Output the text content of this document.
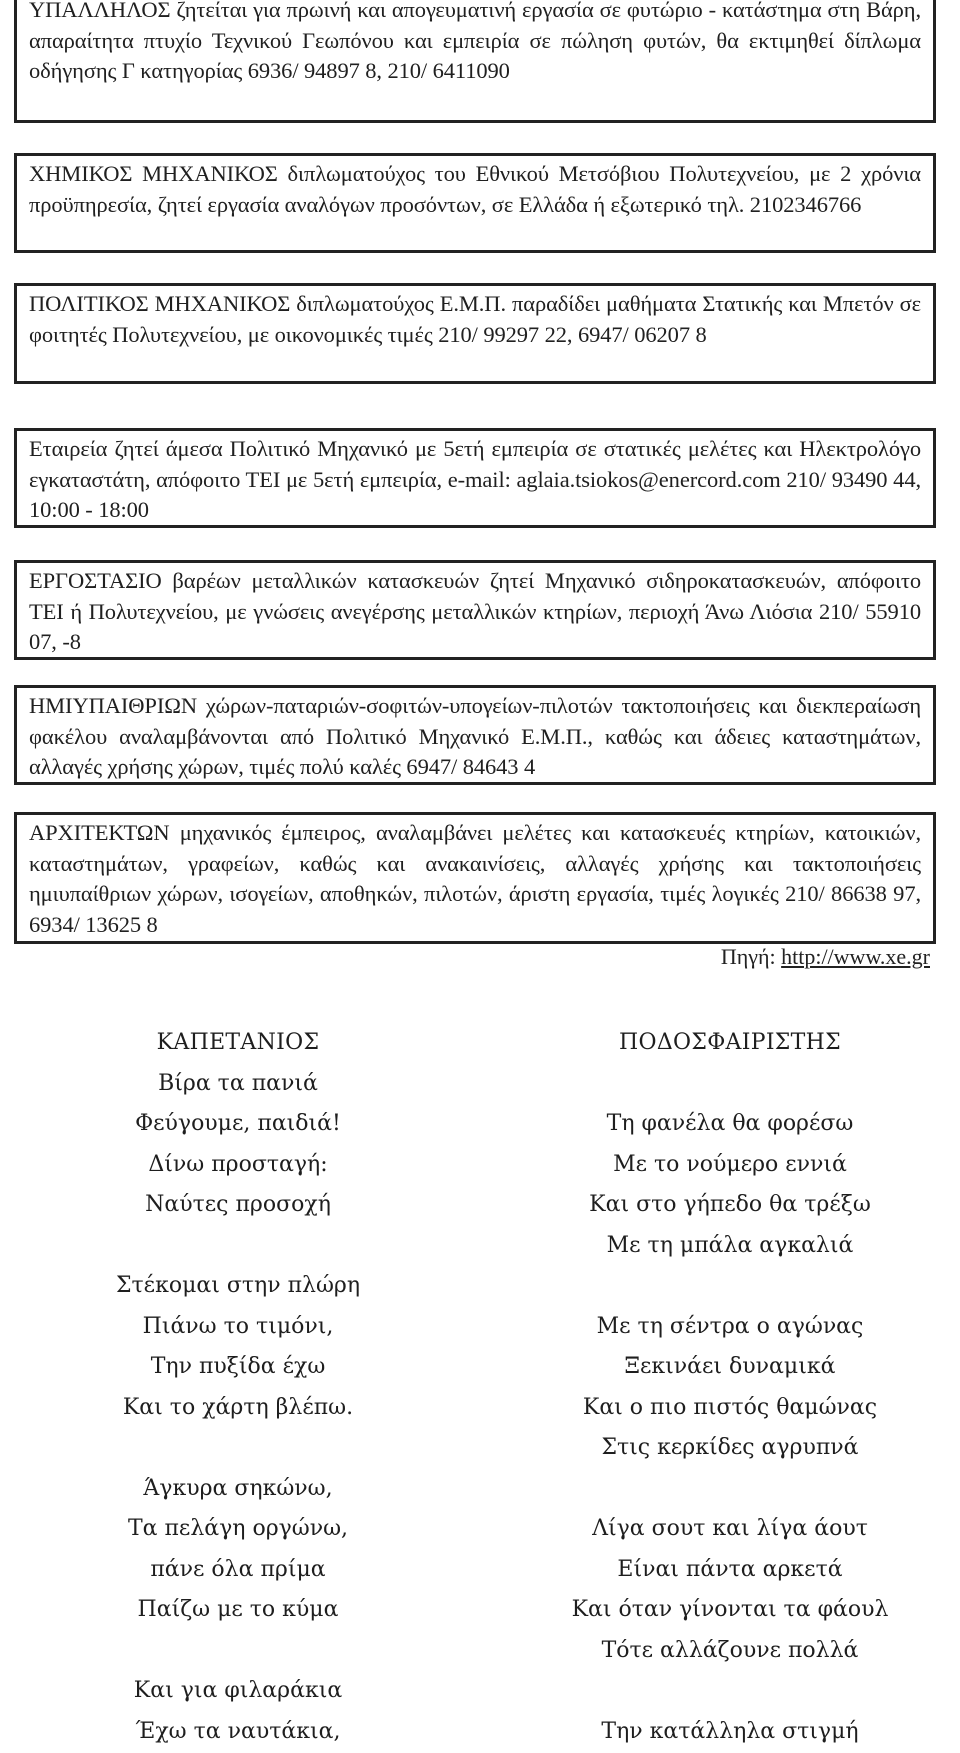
ΥΠΑΛΛΗΛΟΣ ζητείται για πρωινή και απογευματινή εργασία σε φυτώριο - κατάστημα στη Βάρη, απαραίτητα πτυχίο Τεχνικού Γεωπόνου και εμπειρία σε πώληση φυτών, θα εκτιμηθεί δίπλωμα οδήγησης Γ κατηγορίας 6936/ 94897 8, 210/ 6411090

ΧΗΜΙΚΟΣ ΜΗΧΑΝΙΚΟΣ διπλωματούχος του Εθνικού Μετσόβιου Πολυτεχνείου, με 2 χρόνια προϋπηρεσία, ζητεί εργασία αναλόγων προσόντων, σε Ελλάδα ή εξωτερικό τηλ. 2102346766

ΠΟΛΙΤΙΚΟΣ ΜΗΧΑΝΙΚΟΣ διπλωματούχος Ε.Μ.Π. παραδίδει μαθήματα Στατικής και Μπετόν σε φοιτητές Πολυτεχνείου, με οικονομικές τιμές 210/ 99297 22, 6947/ 06207 8

Εταιρεία ζητεί άμεσα Πολιτικό Μηχανικό με 5ετή εμπειρία σε στατικές μελέτες και Ηλεκτρολόγο εγκαταστάτη, απόφοιτο ΤΕΙ με 5ετή εμπειρία, e-mail: aglaia.tsiokos@enercord.com 210/ 93490 44, 10:00 - 18:00

ΕΡΓΟΣΤΑΣΙΟ βαρέων μεταλλικών κατασκευών ζητεί Μηχανικό σιδηροκατασκευών, απόφοιτο ΤΕΙ ή Πολυτεχνείου, με γνώσεις ανεγέρσης μεταλλικών κτηρίων, περιοχή Άνω Λιόσια 210/ 55910 07, -8

ΗΜΙΥΠΑΙΘΡΙΩΝ χώρων-παταριών-σοφιτών-υπογείων-πιλοτών τακτοποιήσεις και διεκπεραίωση φακέλου αναλαμβάνονται από Πολιτικό Μηχανικό Ε.Μ.Π., καθώς και άδειες καταστημάτων, αλλαγές χρήσης χώρων, τιμές πολύ καλές 6947/ 84643 4

ΑΡΧΙΤΕΚΤΩΝ μηχανικός έμπειρος, αναλαμβάνει μελέτες και κατασκευές κτηρίων, κατοικιών, καταστημάτων, γραφείων, καθώς και ανακαινίσεις, αλλαγές χρήσης και τακτοποιήσεις ημιυπαίθριων χώρων, ισογείων, αποθηκών, πιλοτών, άριστη εργασία, τιμές λογικές 210/ 86638 97, 6934/ 13625 8

Πηγή: http://www.xe.gr
ΚΑΠΕΤΑΝΙΟΣ
Βίρα τα πανιά
Φεύγουμε, παιδιά!
Δίνω προσταγή:
Ναύτες προσοχή
Στέκομαι στην πλώρη
Πιάνω το τιμόνι,
Την πυξίδα έχω
Και το χάρτη βλέπω.
Άγκυρα σηκώνω,
Τα πελάγη οργώνω,
πάνε όλα πρίμα
Παίζω με το κύμα
Και για φιλαράκια
Έχω τα ναυτάκια,
ΠΟΔΟΣΦΑΙΡΙΣΤΗΣ
Τη φανέλα θα φορέσω
Με το νούμερο εννιά
Και στο γήπεδο θα τρέξω
Με τη μπάλα αγκαλιά
Με τη σέντρα ο αγώνας
Ξεκινάει δυναμικά
Και ο πιο πιστός θαμώνας
Στις κερκίδες αγρυπνά
Λίγα σουτ και λίγα άουτ
Είναι πάντα αρκετά
Και όταν γίνονται τα φάουλ
Τότε αλλάζουνε πολλά
Την κατάλληλα στιγμή
